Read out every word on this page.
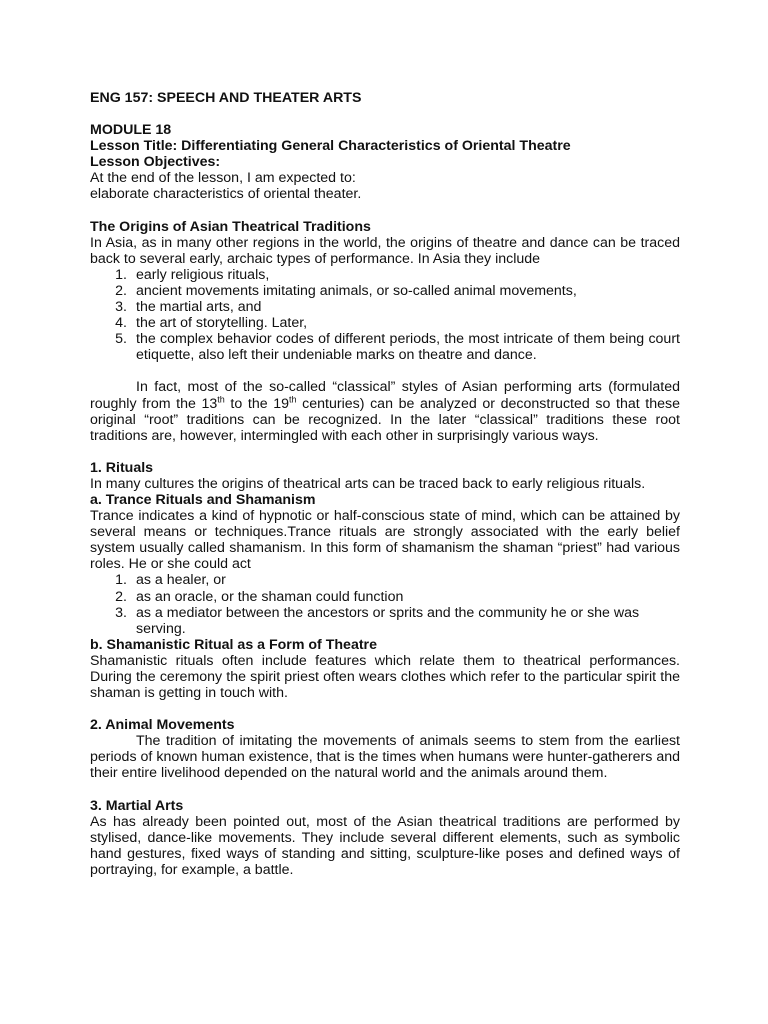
ENG 157: SPEECH AND THEATER ARTS

MODULE 18

Lesson Title: Differentiating General Characteristics of Oriental Theatre

Lesson Objectives:

At the end of the lesson, I am expected to:

elaborate characteristics of oriental theater.

The Origins of Asian Theatrical Traditions

In Asia, as in many other regions in the world, the origins of theatre and dance can be traced back to several early, archaic types of performance. In Asia they include

1. early religious rituals,
2. ancient movements imitating animals, or so-called animal movements,
3. the martial arts, and
4. the art of storytelling. Later,
5. the complex behavior codes of different periods, the most intricate of them being court etiquette, also left their undeniable marks on theatre and dance.

In fact, most of the so-called “classical” styles of Asian performing arts (formulated roughly from the 13th to the 19th centuries) can be analyzed or deconstructed so that these original “root” traditions can be recognized. In the later “classical” traditions these root traditions are, however, intermingled with each other in surprisingly various ways.

1. Rituals

In many cultures the origins of theatrical arts can be traced back to early religious rituals.

a. Trance Rituals and Shamanism

Trance indicates a kind of hypnotic or half-conscious state of mind, which can be attained by several means or techniques.Trance rituals are strongly associated with the early belief system usually called shamanism. In this form of shamanism the shaman “priest” had various roles. He or she could act

1. as a healer, or
2. as an oracle, or the shaman could function
3. as a mediator between the ancestors or sprits and the community he or she was serving.

b. Shamanistic Ritual as a Form of Theatre

Shamanistic rituals often include features which relate them to theatrical performances. During the ceremony the spirit priest often wears clothes which refer to the particular spirit the shaman is getting in touch with.

2. Animal Movements

The tradition of imitating the movements of animals seems to stem from the earliest periods of known human existence, that is the times when humans were hunter-gatherers and their entire livelihood depended on the natural world and the animals around them.

3. Martial Arts

As has already been pointed out, most of the Asian theatrical traditions are performed by stylised, dance-like movements. They include several different elements, such as symbolic hand gestures, fixed ways of standing and sitting, sculpture-like poses and defined ways of portraying, for example, a battle.
